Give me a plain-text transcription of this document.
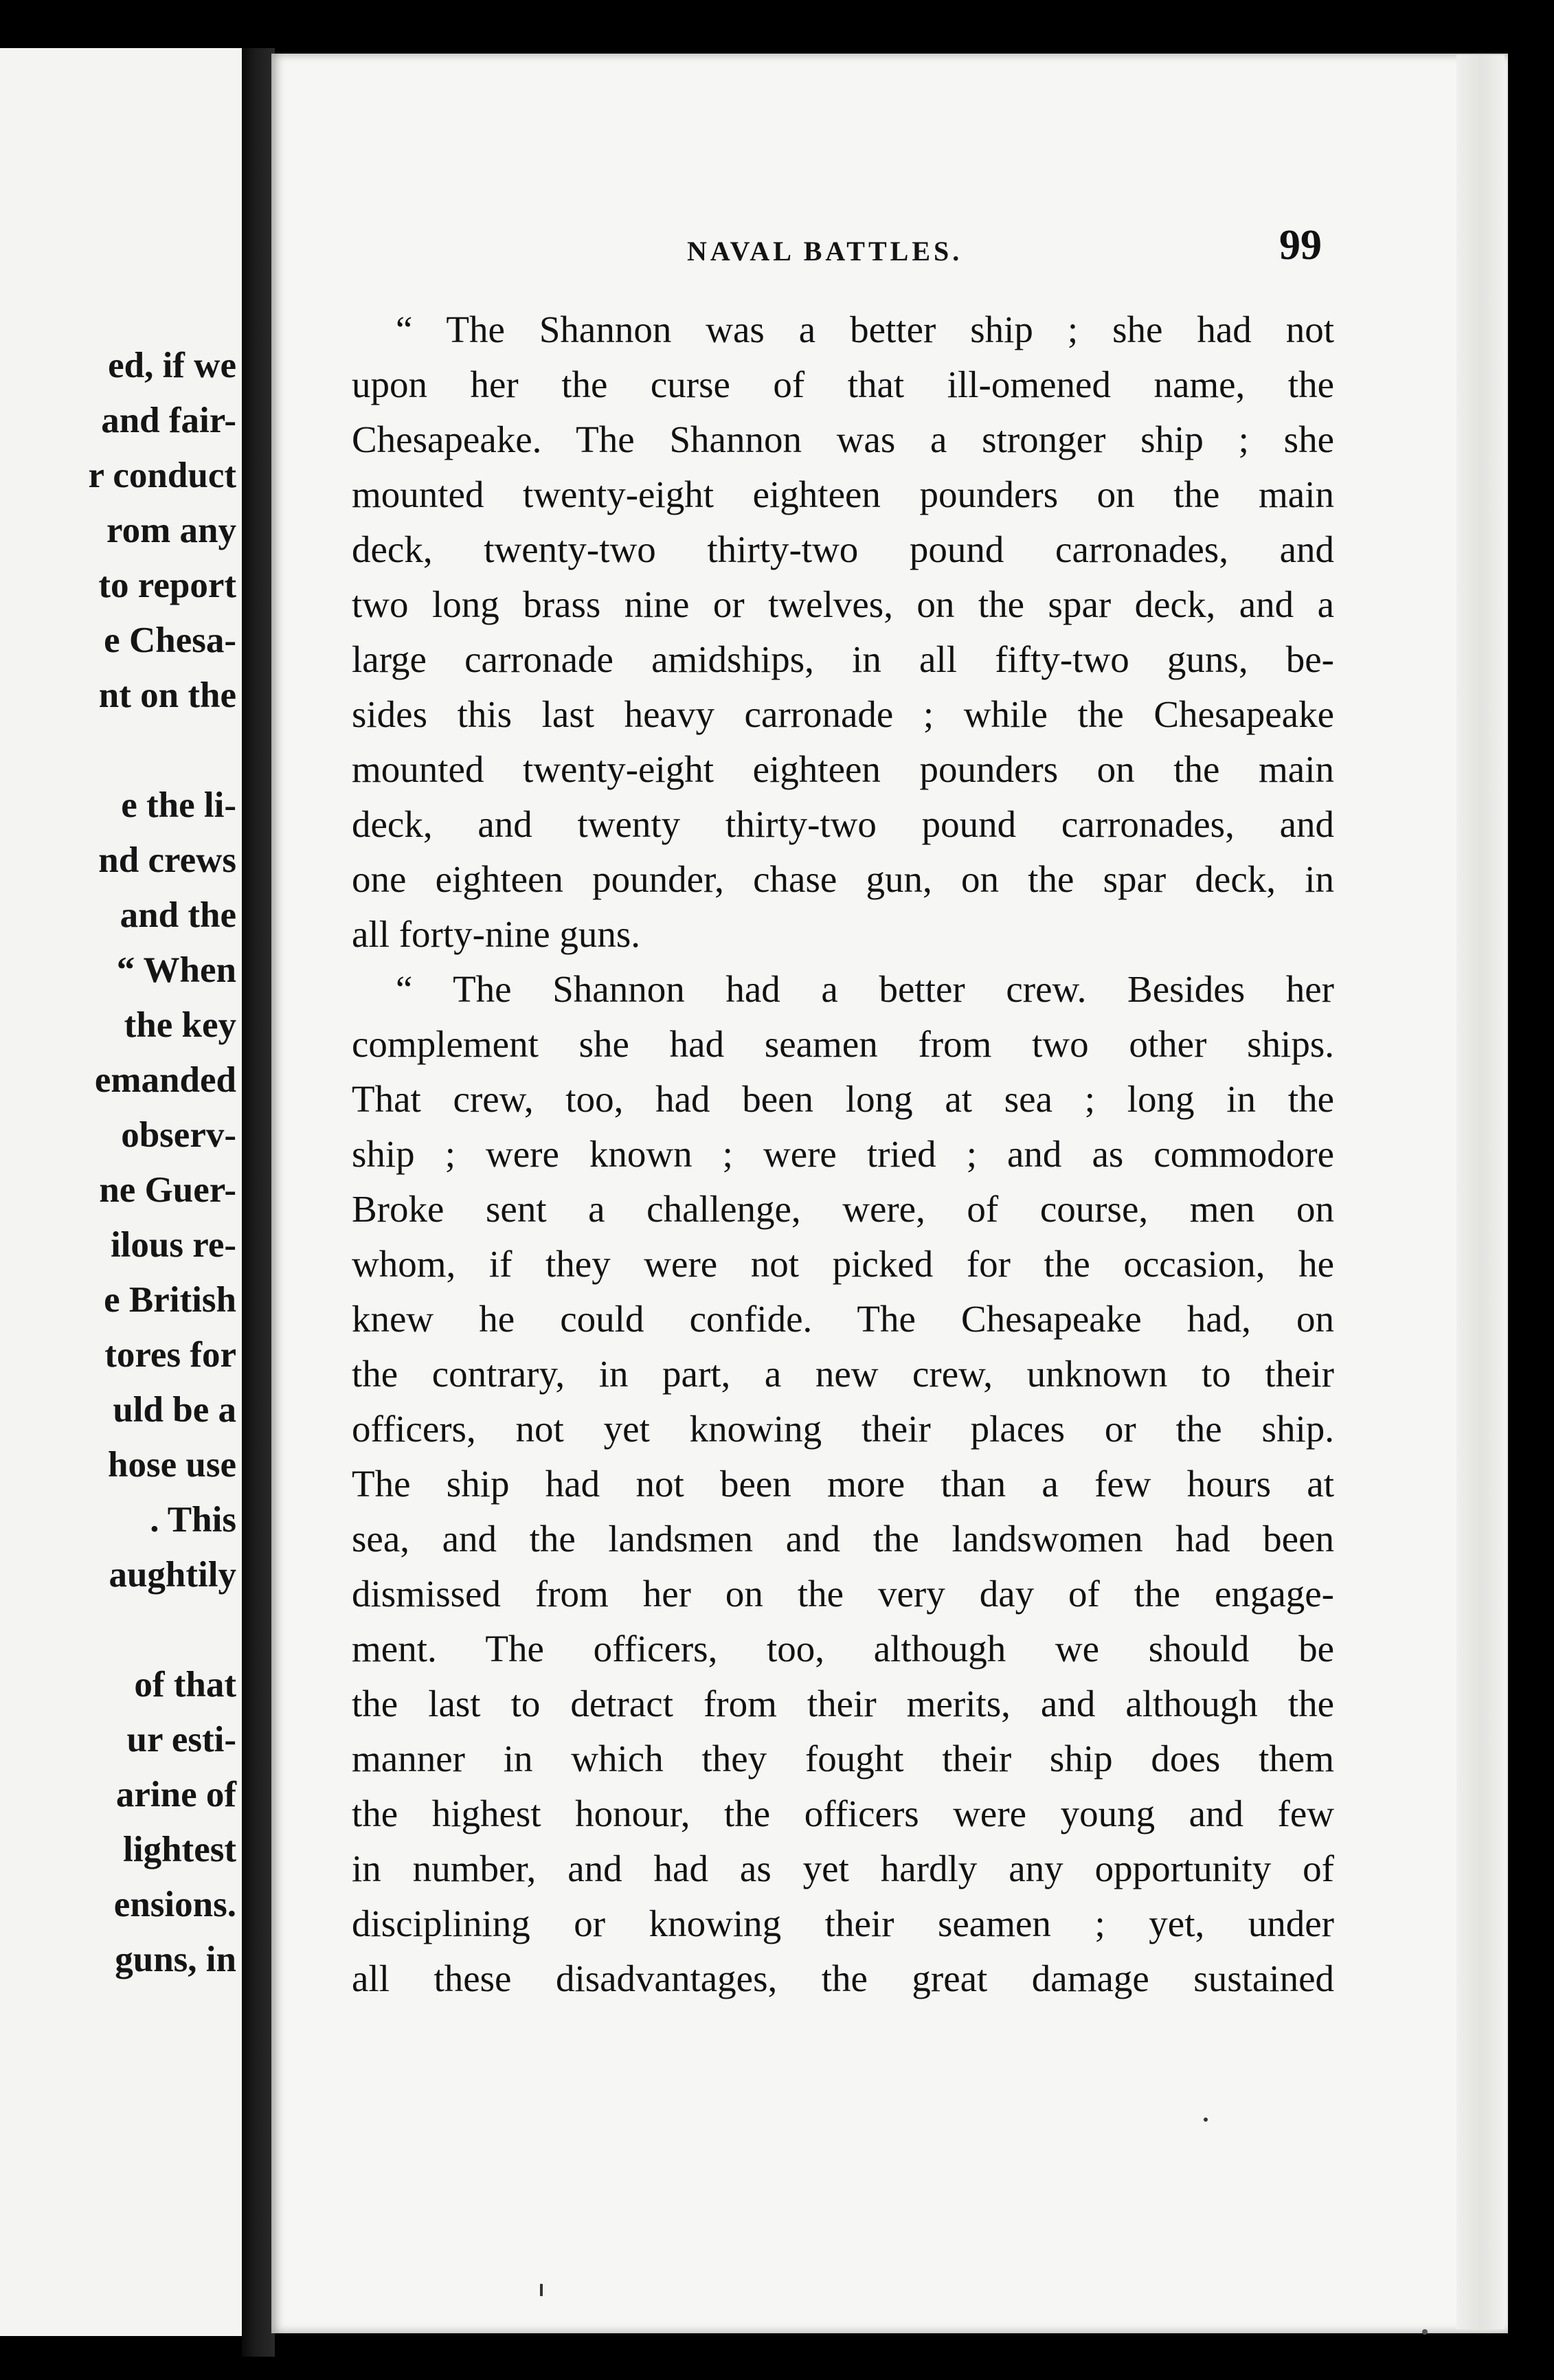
ed, if we
and fair-
r conduct
rom any
to report
e Chesa-
nt on the
e the li-
nd crews
and the
“ When
the key
emanded
observ-
ne Guer-
ilous re-
e British
tores for
uld be a
hose use
. This
aughtily
of that
ur esti-
arine of
lightest
ensions.
guns, in
NAVAL BATTLES.	99
“ The Shannon was a better ship ; she had not
upon her the curse of that ill-omened name, the
Chesapeake. The Shannon was a stronger ship ; she
mounted twenty-eight eighteen pounders on the main
deck, twenty-two thirty-two pound carronades, and
two long brass nine or twelves, on the spar deck, and a
large carronade amidships, in all fifty-two guns, be-
sides this last heavy carronade ; while the Chesapeake
mounted twenty-eight eighteen pounders on the main
deck, and twenty thirty-two pound carronades, and
one eighteen pounder, chase gun, on the spar deck, in
all forty-nine guns.
“ The Shannon had a better crew. Besides her
complement she had seamen from two other ships.
That crew, too, had been long at sea ; long in the
ship ; were known ; were tried ; and as commodore
Broke sent a challenge, were, of course, men on
whom, if they were not picked for the occasion, he
knew he could confide. The Chesapeake had, on
the contrary, in part, a new crew, unknown to their
officers, not yet knowing their places or the ship.
The ship had not been more than a few hours at
sea, and the landsmen and the landswomen had been
dismissed from her on the very day of the engage-
ment. The officers, too, although we should be
the last to detract from their merits, and although the
manner in which they fought their ship does them
the highest honour, the officers were young and few
in number, and had as yet hardly any opportunity of
disciplining or knowing their seamen ; yet, under
all these disadvantages, the great damage sustained
